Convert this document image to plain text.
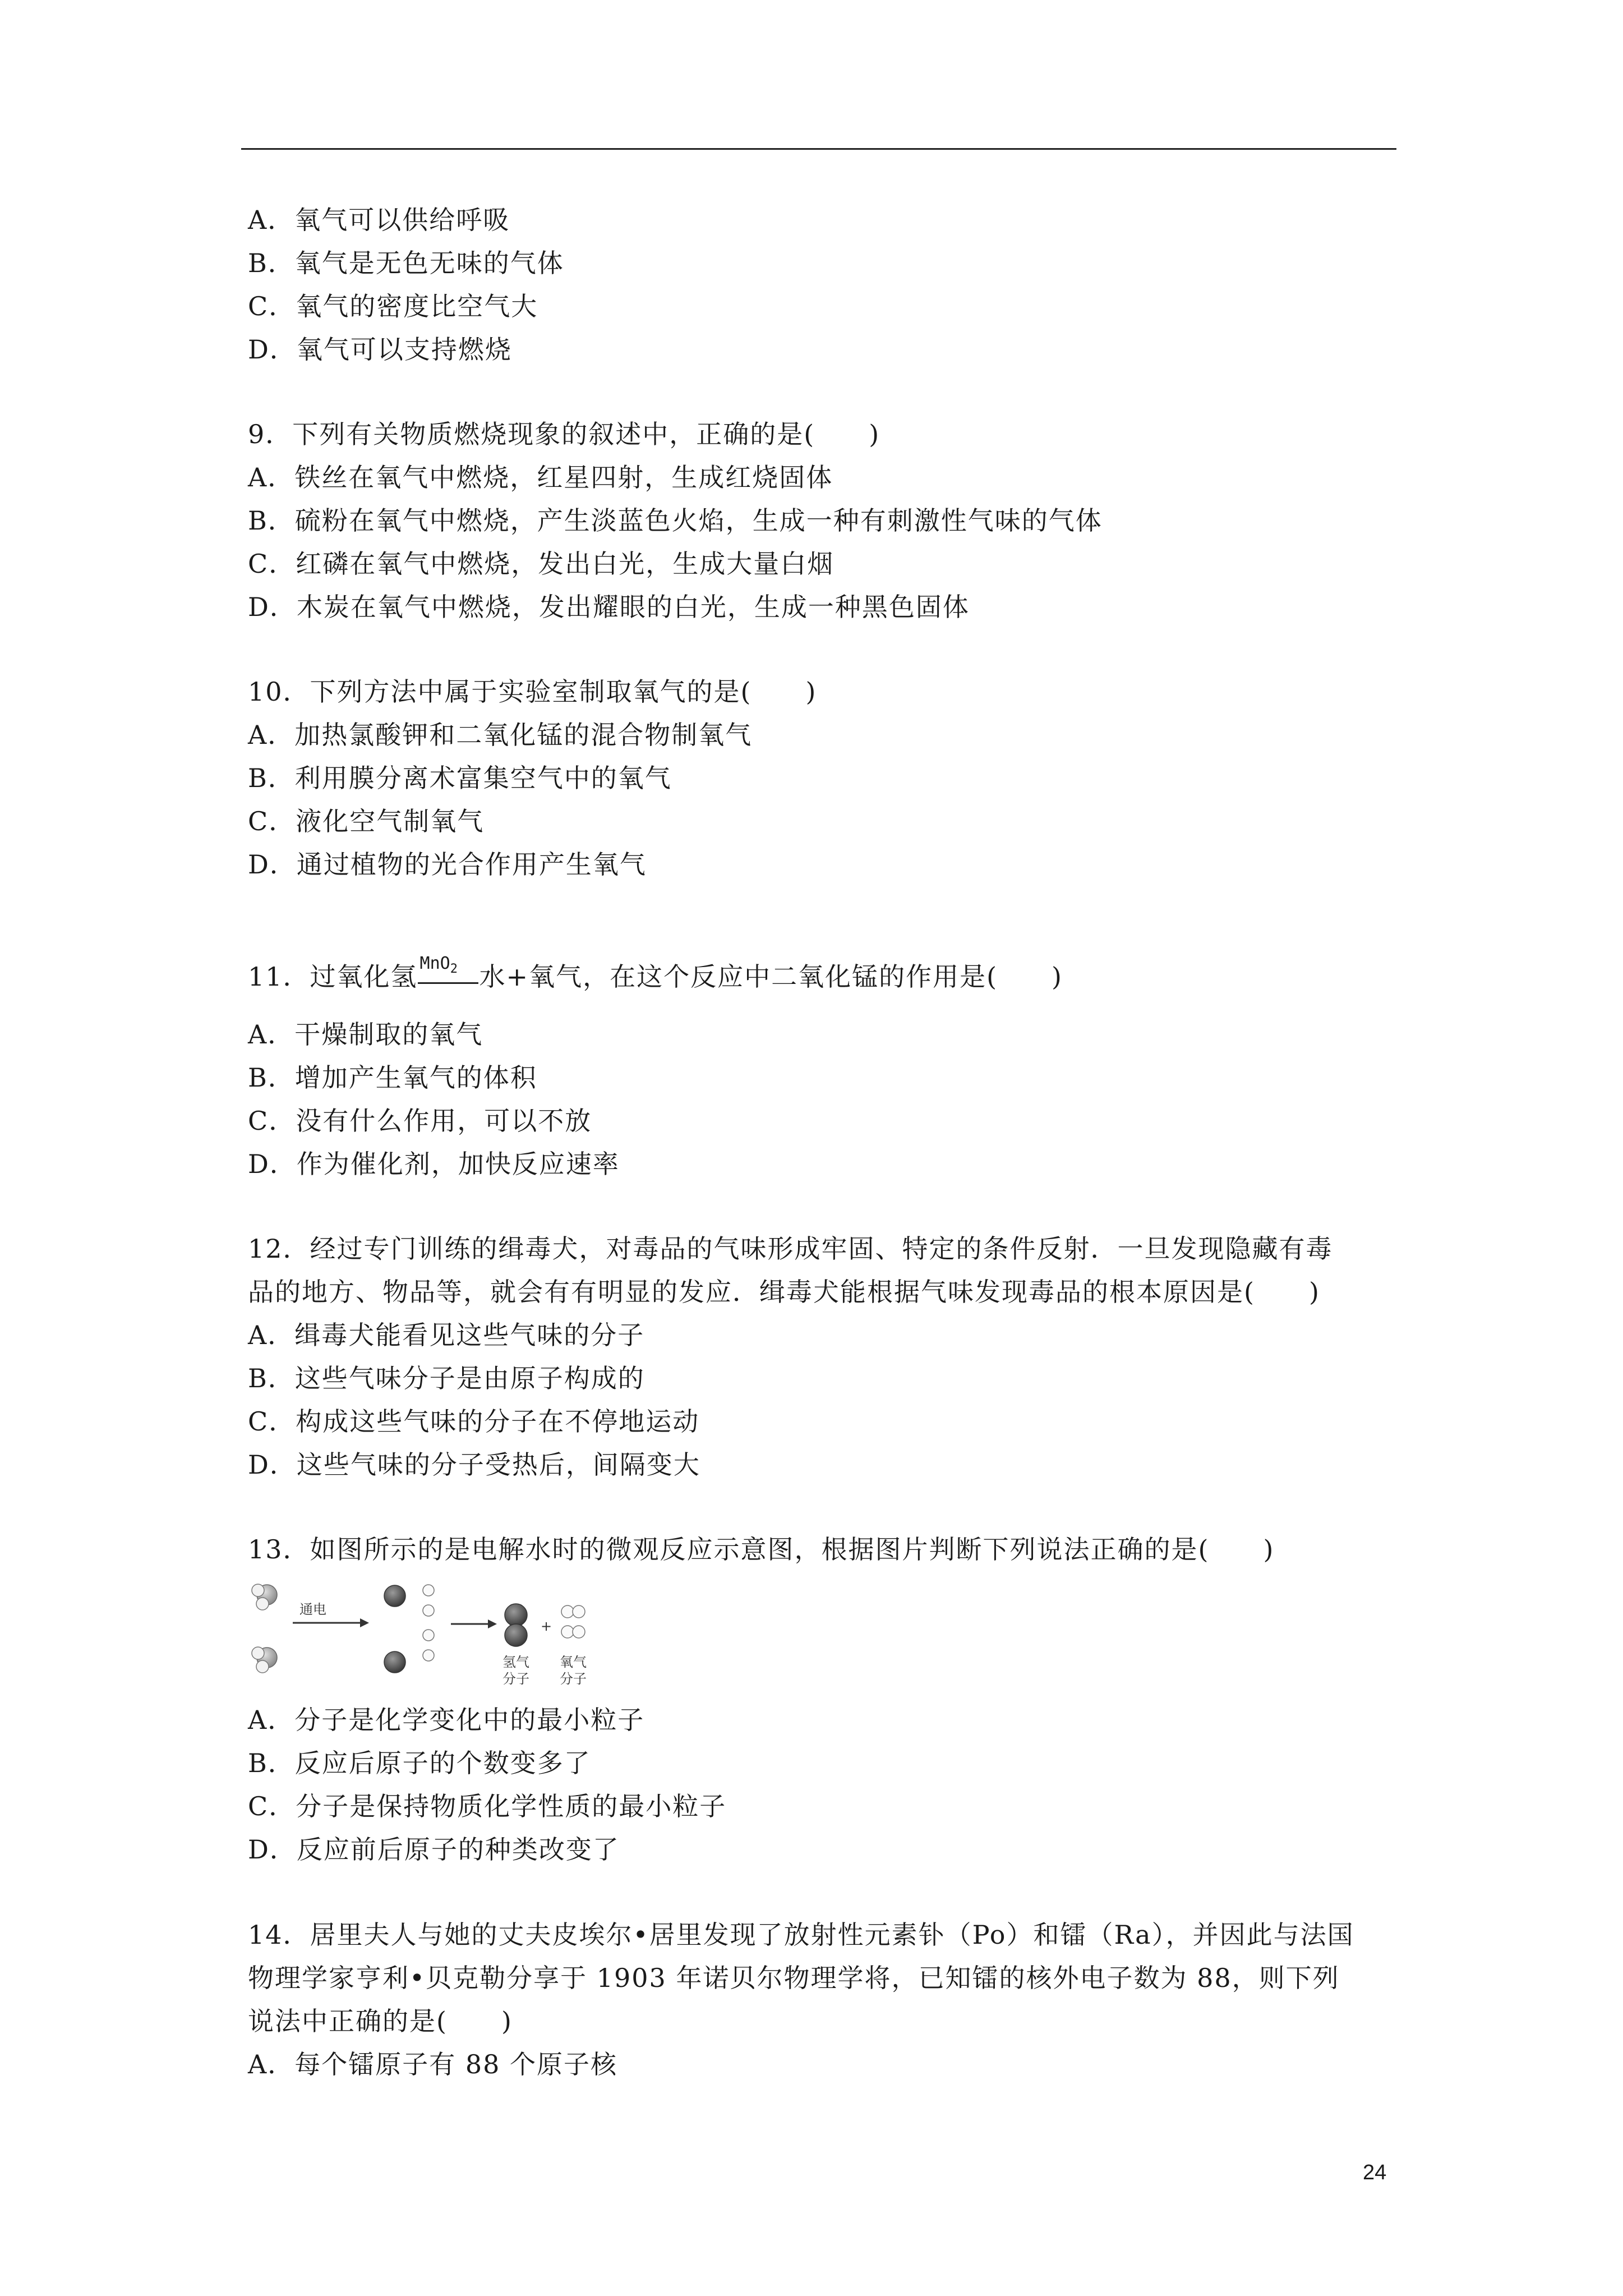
A．氧气可以供给呼吸
B．氧气是无色无味的气体
C．氧气的密度比空气大
D．氧气可以支持燃烧
9．下列有关物质燃烧现象的叙述中，正确的是(　　)
A．铁丝在氧气中燃烧，红星四射，生成红烧固体
B．硫粉在氧气中燃烧，产生淡蓝色火焰，生成一种有刺激性气味的气体
C．红磷在氧气中燃烧，发出白光，生成大量白烟
D．木炭在氧气中燃烧，发出耀眼的白光，生成一种黑色固体
10．下列方法中属于实验室制取氧气的是(　　)
A．加热氯酸钾和二氧化锰的混合物制氧气
B．利用膜分离术富集空气中的氧气
C．液化空气制氧气
D．通过植物的光合作用产生氧气
11．过氧化氢 MnO$_2$ 水+氧气，在这个反应中二氧化锰的作用是(　　)
A．干燥制取的氧气
B．增加产生氧气的体积
C．没有什么作用，可以不放
D．作为催化剂，加快反应速率
12．经过专门训练的缉毒犬，对毒品的气味形成牢固、特定的条件反射．一旦发现隐藏有毒
品的地方、物品等，就会有有明显的发应．缉毒犬能根据气味发现毒品的根本原因是(　　)
A．缉毒犬能看见这些气味的分子
B．这些气味分子是由原子构成的
C．构成这些气味的分子在不停地运动
D．这些气味的分子受热后，间隔变大
13．如图所示的是电解水时的微观反应示意图，根据图片判断下列说法正确的是(　　)
通电
+
氢气
分子
氧气
分子
A．分子是化学变化中的最小粒子
B．反应后原子的个数变多了
C．分子是保持物质化学性质的最小粒子
D．反应前后原子的种类改变了
14．居里夫人与她的丈夫皮埃尔•居里发现了放射性元素钋（Po）和镭（Ra），并因此与法国
物理学家亨利•贝克勒分享于 1903 年诺贝尔物理学将，已知镭的核外电子数为 88，则下列
说法中正确的是(　　)
A．每个镭原子有 88 个原子核
24
